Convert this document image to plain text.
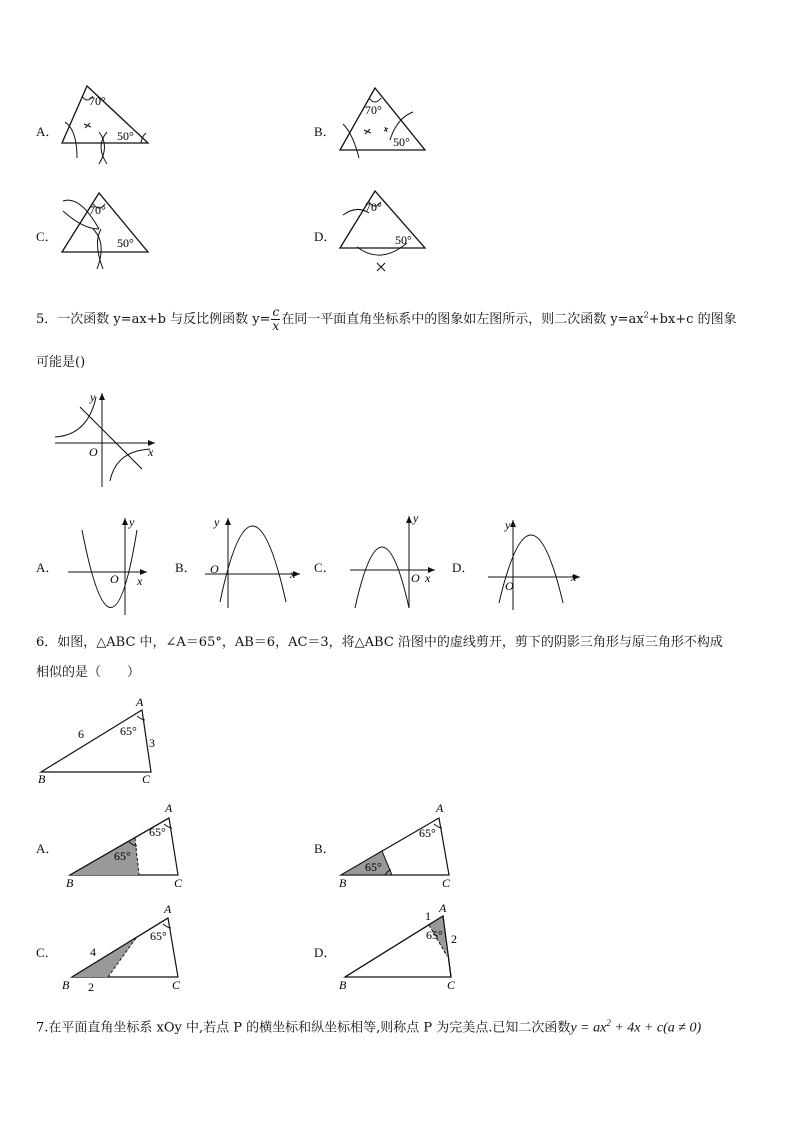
A．
70°
50°	B．
70°
50°
C．
70°
50°	D．
70°
50°
5．一次函数 y=ax+b 与反比例函数 $y= \frac{c}{x}$ 在同一平面直角坐标系中的图象如左图所示，则二次函数 $y=ax^2+bx+c$ 的图象
可能是()
y
x
O
A．
y
x
O
B．
y
x
O	C．
y
x
O
D．
y
x
O
6．如图，△ABC 中，∠A＝65°，AB＝6，AC＝3，将△ABC 沿图中的虚线剪开，剪下的阴影三角形与原三角形不构成
相似的是（　　）
A
B	C
6
3
65°
A．
A
B	C
65°
65°	B．
A
B	C
65°
65°
C．
A
B	C
65°
4
2
D．
A
B	C
1
2
65°
7.在平面直角坐标系 xOy 中,若点 P 的横坐标和纵坐标相等,则称点 P 为完美点.已知二次函数$y = ax^2 + 4x + c(a \ne 0)$
